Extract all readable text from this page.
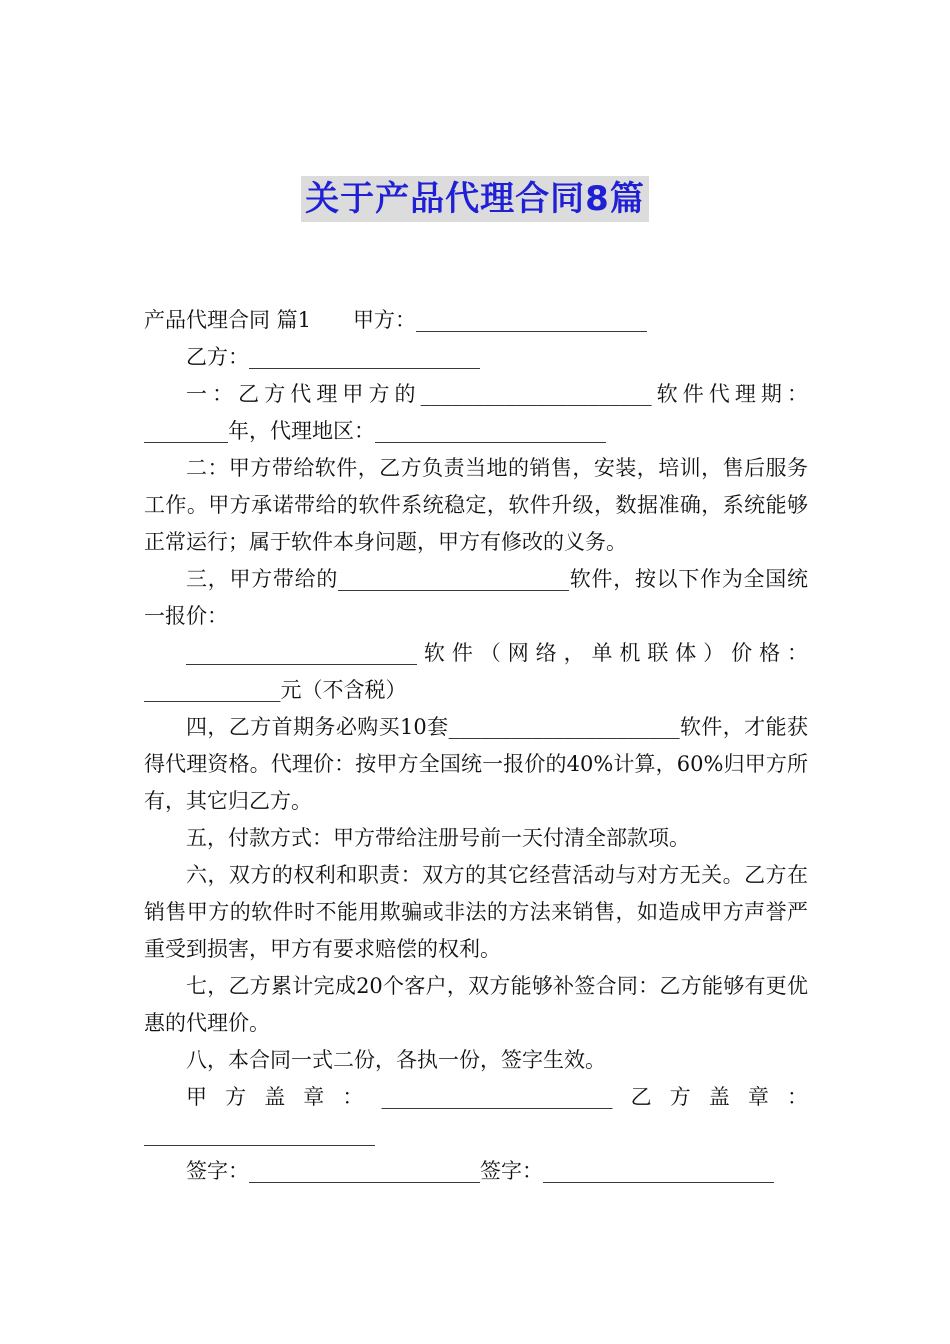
关于产品代理合同8篇

产品代理合同 篇1　　甲方：______________________

乙方：______________________

一：乙方代理甲方的______________________软件代理期：________年，代理地区：______________________

二：甲方带给软件，乙方负责当地的销售，安装，培训，售后服务工作。甲方承诺带给的软件系统稳定，软件升级，数据准确，系统能够正常运行；属于软件本身问题，甲方有修改的义务。

三，甲方带给的______________________软件，按以下作为全国统一报价：

______________________软件（网络，单机联体）价格：_____________元（不含税）

四，乙方首期务必购买10套______________________软件，才能获得代理资格。代理价：按甲方全国统一报价的40%计算，60%归甲方所有，其它归乙方。

五，付款方式：甲方带给注册号前一天付清全部款项。

六，双方的权利和职责：双方的其它经营活动与对方无关。乙方在销售甲方的软件时不能用欺骗或非法的方法来销售，如造成甲方声誉严重受到损害，甲方有要求赔偿的权利。

七，乙方累计完成20个客户，双方能够补签合同：乙方能够有更优惠的代理价。

八，本合同一式二份，各执一份，签字生效。

甲方盖章：______________________乙方盖章：______________________

签字：______________________签字：______________________
